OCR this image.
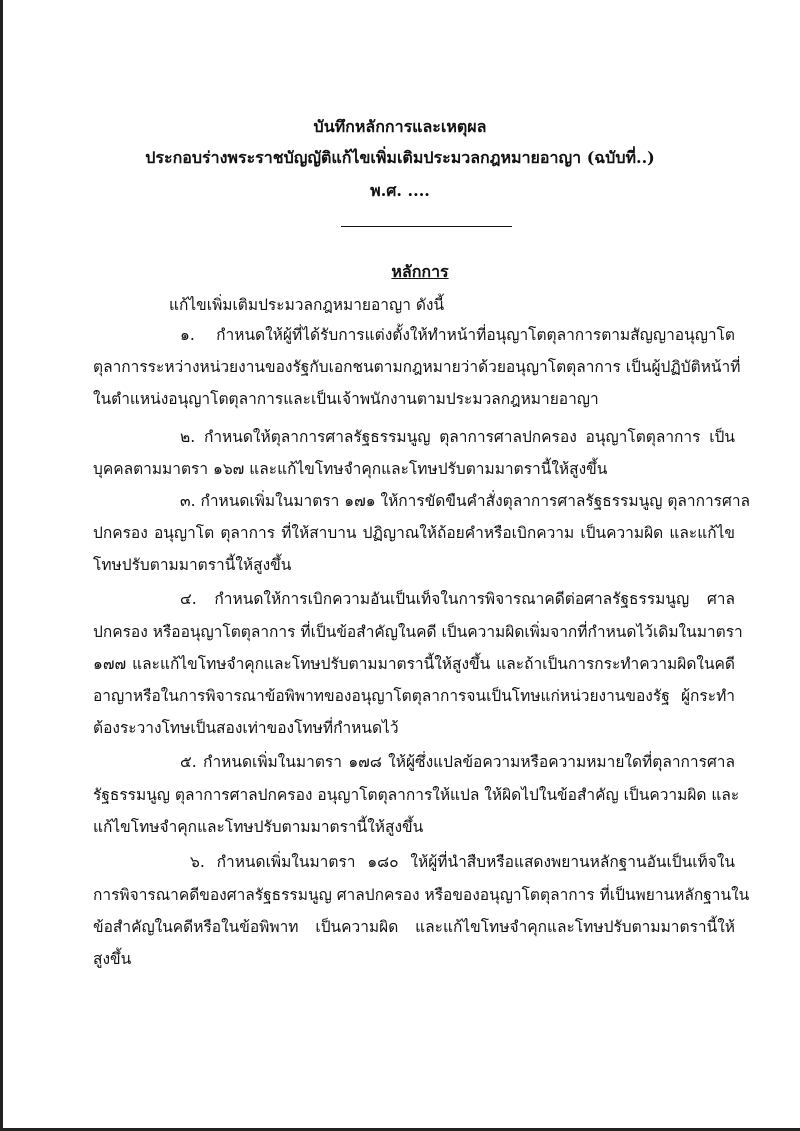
บันทึกหลักการและเหตุผล
ประกอบร่างพระราชบัญญัติแก้ไขเพิ่มเติมประมวลกฎหมายอาญา (ฉบับที่..)
พ.ศ. ....
หลักการ
แก้ไขเพิ่มเติมประมวลกฎหมายอาญา ดังนี้
๑. กำหนดให้ผู้ที่ได้รับการแต่งตั้งให้ทำหน้าที่อนุญาโตตุลาการตามสัญญาอนุญาโต
ตุลาการระหว่างหน่วยงานของรัฐกับเอกชนตามกฎหมายว่าด้วยอนุญาโตตุลาการ เป็นผู้ปฏิบัติหน้าที่
ในตำแหน่งอนุญาโตตุลาการและเป็นเจ้าพนักงานตามประมวลกฎหมายอาญา
๒. กำหนดให้ตุลาการศาลรัฐธรรมนูญ ตุลาการศาลปกครอง อนุญาโตตุลาการ เป็น
บุคคลตามมาตรา ๑๖๗ และแก้ไขโทษจำคุกและโทษปรับตามมาตรานี้ให้สูงขึ้น
๓. กำหนดเพิ่มในมาตรา ๑๗๑ ให้การขัดขืนคำสั่งตุลาการศาลรัฐธรรมนูญ ตุลาการศาล
ปกครอง อนุญาโต ตุลาการ ที่ให้สาบาน ปฏิญาณให้ถ้อยคำหรือเบิกความ เป็นความผิด และแก้ไข
โทษปรับตามมาตรานี้ให้สูงขึ้น
๔. กำหนดให้การเบิกความอันเป็นเท็จในการพิจารณาคดีต่อศาลรัฐธรรมนูญ ศาล
ปกครอง หรืออนุญาโตตุลาการ ที่เป็นข้อสำคัญในคดี เป็นความผิดเพิ่มจากที่กำหนดไว้เดิมในมาตรา
๑๗๗ และแก้ไขโทษจำคุกและโทษปรับตามมาตรานี้ให้สูงขึ้น และถ้าเป็นการกระทำความผิดในคดี
อาญาหรือในการพิจารณาข้อพิพาทของอนุญาโตตุลาการจนเป็นโทษแก่หน่วยงานของรัฐ ผู้กระทำ
ต้องระวางโทษเป็นสองเท่าของโทษที่กำหนดไว้
๕. กำหนดเพิ่มในมาตรา ๑๗๘ ให้ผู้ซึ่งแปลข้อความหรือความหมายใดที่ตุลาการศาล
รัฐธรรมนูญ ตุลาการศาลปกครอง อนุญาโตตุลาการให้แปล ให้ผิดไปในข้อสำคัญ เป็นความผิด และ
แก้ไขโทษจำคุกและโทษปรับตามมาตรานี้ให้สูงขึ้น
๖. กำหนดเพิ่มในมาตรา ๑๘๐ ให้ผู้ที่นำสืบหรือแสดงพยานหลักฐานอันเป็นเท็จใน
การพิจารณาคดีของศาลรัฐธรรมนูญ ศาลปกครอง หรือของอนุญาโตตุลาการ ที่เป็นพยานหลักฐานใน
ข้อสำคัญในคดีหรือในข้อพิพาท เป็นความผิด และแก้ไขโทษจำคุกและโทษปรับตามมาตรานี้ให้
สูงขึ้น
